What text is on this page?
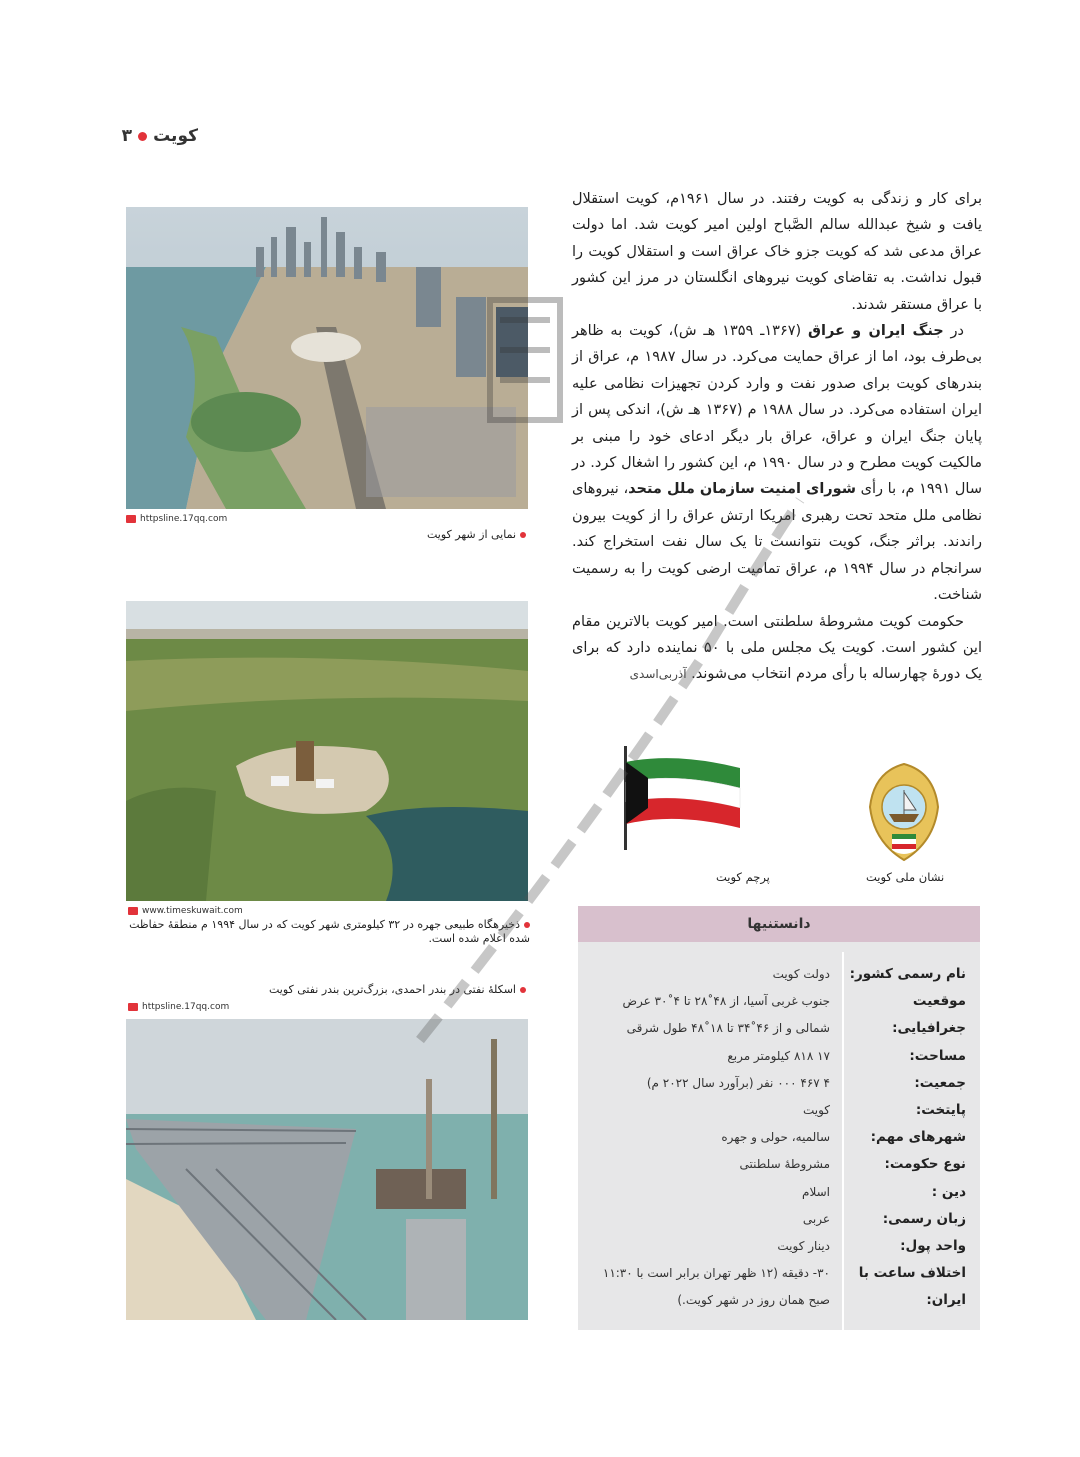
کویت
۳

برای کار و زندگی به کویت رفتند. در سال ۱۹۶۱م، کویت استقلال یافت و شیخ عبدالله سالم الصَّباح اولین امیر کویت شد. اما دولت عراق مدعی شد که کویت جزو خاک عراق است و استقلال کویت را قبول نداشت. به تقاضای کویت نیروهای انگلستان در مرز این کشور با عراق مستقر شدند.

در جنگ ایران و عراق (۱۳۶۷ـ ۱۳۵۹ هـ ش)، کویت به ظاهر بی‌طرف بود، اما از عراق حمایت می‌کرد. در سال ۱۹۸۷ م، عراق از بندرهای کویت برای صدور نفت و وارد کردن تجهیزات نظامی علیه ایران استفاده می‌کرد. در سال ۱۹۸۸ م (۱۳۶۷ هـ ش)، اندکی پس از پایان جنگ ایران و عراق، عراق بار دیگر ادعای خود را مبنی بر مالکیت کویت مطرح و در سال ۱۹۹۰ م، این کشور را اشغال کرد. در سال ۱۹۹۱ م، با رأی شورای امنیت سازمان ملل متحد، نیروهای نظامی ملل متحد تحت رهبری امریکا ارتش عراق را از کویت بیرون راندند. براثر جنگ، کویت نتوانست تا یک سال نفت استخراج کند. سرانجام در سال ۱۹۹۴ م، عراق تمامیت ارضی کویت را به رسمیت شناخت.

حکومت کویت مشروطهٔ سلطنتی است. امیر کویت بالاترین مقام این کشور است. کویت یک مجلس ملی با ۵۰ نماینده دارد که برای یک دورهٔ چهارساله با رأی مردم انتخاب می‌شوند. آذربی‌اسدی

httpsline.17qq.com
نمایی از شهر کویت
www.timeskuwait.com
ذخیرهگاه طبیعی جهره در ۳۲ کیلومتری شهر کویت که در سال ۱۹۹۴ م منطقهٔ حفاظت شده اعلام شده است.
اسکلهٔ نفتی در بندر احمدی، بزرگ‌ترین بندر نفتی کویت
httpsline.17qq.com
نشان ملی کویت
پرچم کویت
دانستنیها
نام رسمی کشور:
دولت کویت
موقعیت
جنوب غربی آسیا، از ۴۸˚۲۸ تا ۴˚۳۰ عرض
جغرافیایی:
شمالی و از ۴۶˚۳۴ تا ۱۸˚۴۸ طول شرقی
مساحت:
۱۷ ۸۱۸ کیلومتر مربع
جمعیت:
۴ ۴۶۷ ۰۰۰ نفر (برآورد سال ۲۰۲۲ م)
پایتخت:
کویت
شهرهای مهم:
سالمیه، حولی و جهره
نوع حکومت:
مشروطهٔ سلطنتی
دین :
اسلام
زبان رسمی:
عربی
واحد پول:
دینار کویت
اختلاف ساعت با
۳۰- دقیقه (۱۲ ظهر تهران برابر است با ۱۱:۳۰
ایران:
صبح همان روز در شهر کویت.)
